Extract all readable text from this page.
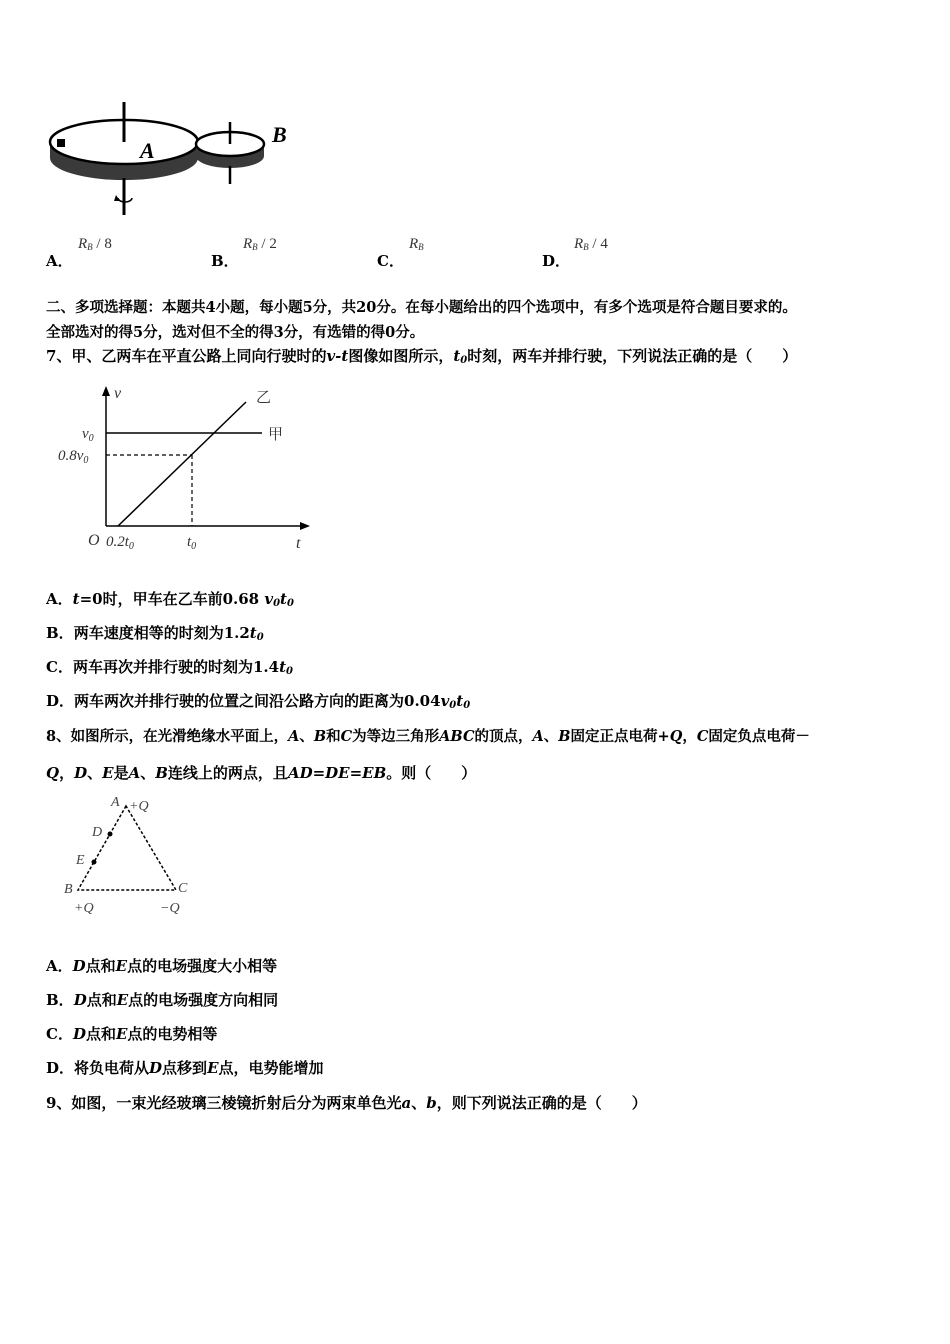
A
B
A．
$R_B / 8$
B．
$R_B / 2$
C．
$R_B$
D．
$R_B / 4$
二、多项选择题：本题共4小题，每小题5分，共20分。在每小题给出的四个选项中，有多个选项是符合题目要求的。
全部选对的得5分，选对但不全的得3分，有选错的得0分。
7、甲、乙两车在平直公路上同向行驶时的v-t图像如图所示，$t_0$时刻，两车并排行驶，下列说法正确的是（　　）
v
t
O
$v_0$
$0.8v_0$
$0.2t_0$	$t_0$
甲
乙
A．t=0时，甲车在乙车前0.68 $v_0t_0$
B．两车速度相等的时刻为$1.2t_0$
C．两车再次并排行驶的时刻为$1.4t_0$
D．两车两次并排行驶的位置之间沿公路方向的距离为$0.04v_0t_0$
8、如图所示，在光滑绝缘水平面上，A、B和C为等边三角形ABC的顶点，A、B固定正点电荷+Q，C固定负点电荷－
Q，D、E是A、B连线上的两点，且AD=DE=EB。则（　　）
A +Q
D
E
B	C
+Q	−Q
A．D点和E点的电场强度大小相等
B．D点和E点的电场强度方向相同
C．D点和E点的电势相等
D．将负电荷从D点移到E点，电势能增加
9、如图，一束光经玻璃三棱镜折射后分为两束单色光a、b，则下列说法正确的是（　　）
